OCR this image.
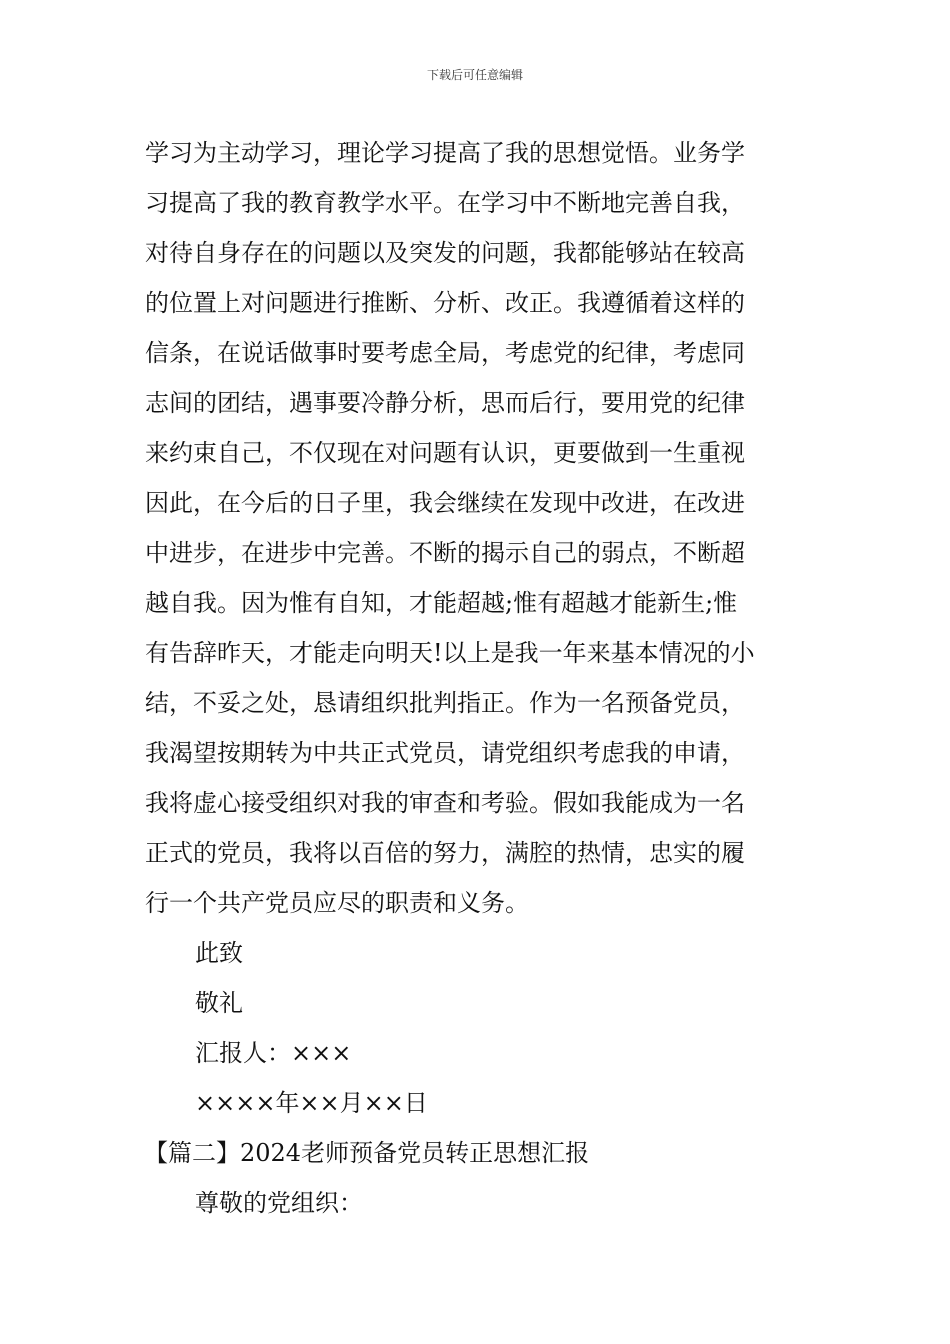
下载后可任意编辑
学习为主动学习，理论学习提高了我的思想觉悟。业务学
习提高了我的教育教学水平。在学习中不断地完善自我，
对待自身存在的问题以及突发的问题，我都能够站在较高
的位置上对问题进行推断、分析、改正。我遵循着这样的
信条，在说话做事时要考虑全局，考虑党的纪律，考虑同
志间的团结，遇事要冷静分析，思而后行，要用党的纪律
来约束自己，不仅现在对问题有认识，更要做到一生重视
因此，在今后的日子里，我会继续在发现中改进，在改进
中进步，在进步中完善。不断的揭示自己的弱点，不断超
越自我。因为惟有自知，才能超越;惟有超越才能新生;惟
有告辞昨天，才能走向明天!以上是我一年来基本情况的小
结，不妥之处，恳请组织批判指正。作为一名预备党员，
我渴望按期转为中共正式党员，请党组织考虑我的申请，
我将虚心接受组织对我的审查和考验。假如我能成为一名
正式的党员，我将以百倍的努力，满腔的热情，忠实的履
行一个共产党员应尽的职责和义务。
此致
敬礼
汇报人：×××
××××年××月××日
【篇二】2024老师预备党员转正思想汇报
尊敬的党组织：
